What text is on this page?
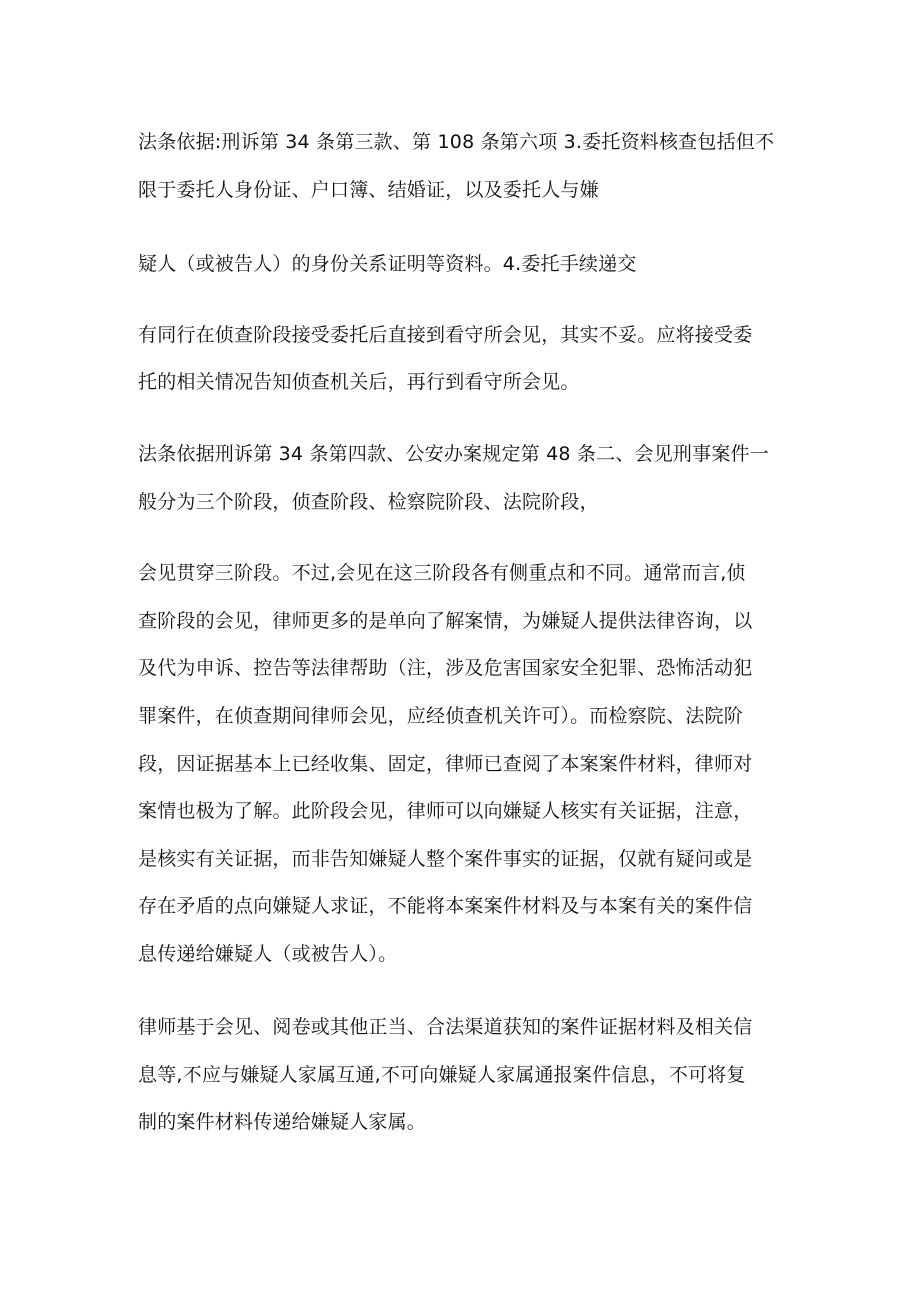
法条依据:刑诉第 34 条第三款、第 108 条第六项 3.委托资料核查包括但不
限于委托人身份证、户口簿、结婚证，以及委托人与嫌
疑人（或被告人）的身份关系证明等资料。4.委托手续递交
有同行在侦查阶段接受委托后直接到看守所会见，其实不妥。应将接受委
托的相关情况告知侦查机关后，再行到看守所会见。
法条依据刑诉第 34 条第四款、公安办案规定第 48 条二、会见刑事案件一
般分为三个阶段，侦查阶段、检察院阶段、法院阶段，
会见贯穿三阶段。不过,会见在这三阶段各有侧重点和不同。通常而言,侦
查阶段的会见，律师更多的是单向了解案情，为嫌疑人提供法律咨询，以
及代为申诉、控告等法律帮助（注，涉及危害国家安全犯罪、恐怖活动犯
罪案件，在侦查期间律师会见，应经侦查机关许可）。而检察院、法院阶
段，因证据基本上已经收集、固定，律师已查阅了本案案件材料，律师对
案情也极为了解。此阶段会见，律师可以向嫌疑人核实有关证据，注意，
是核实有关证据，而非告知嫌疑人整个案件事实的证据，仅就有疑问或是
存在矛盾的点向嫌疑人求证，不能将本案案件材料及与本案有关的案件信
息传递给嫌疑人（或被告人）。
律师基于会见、阅卷或其他正当、合法渠道获知的案件证据材料及相关信
息等,不应与嫌疑人家属互通,不可向嫌疑人家属通报案件信息，不可将复
制的案件材料传递给嫌疑人家属。
